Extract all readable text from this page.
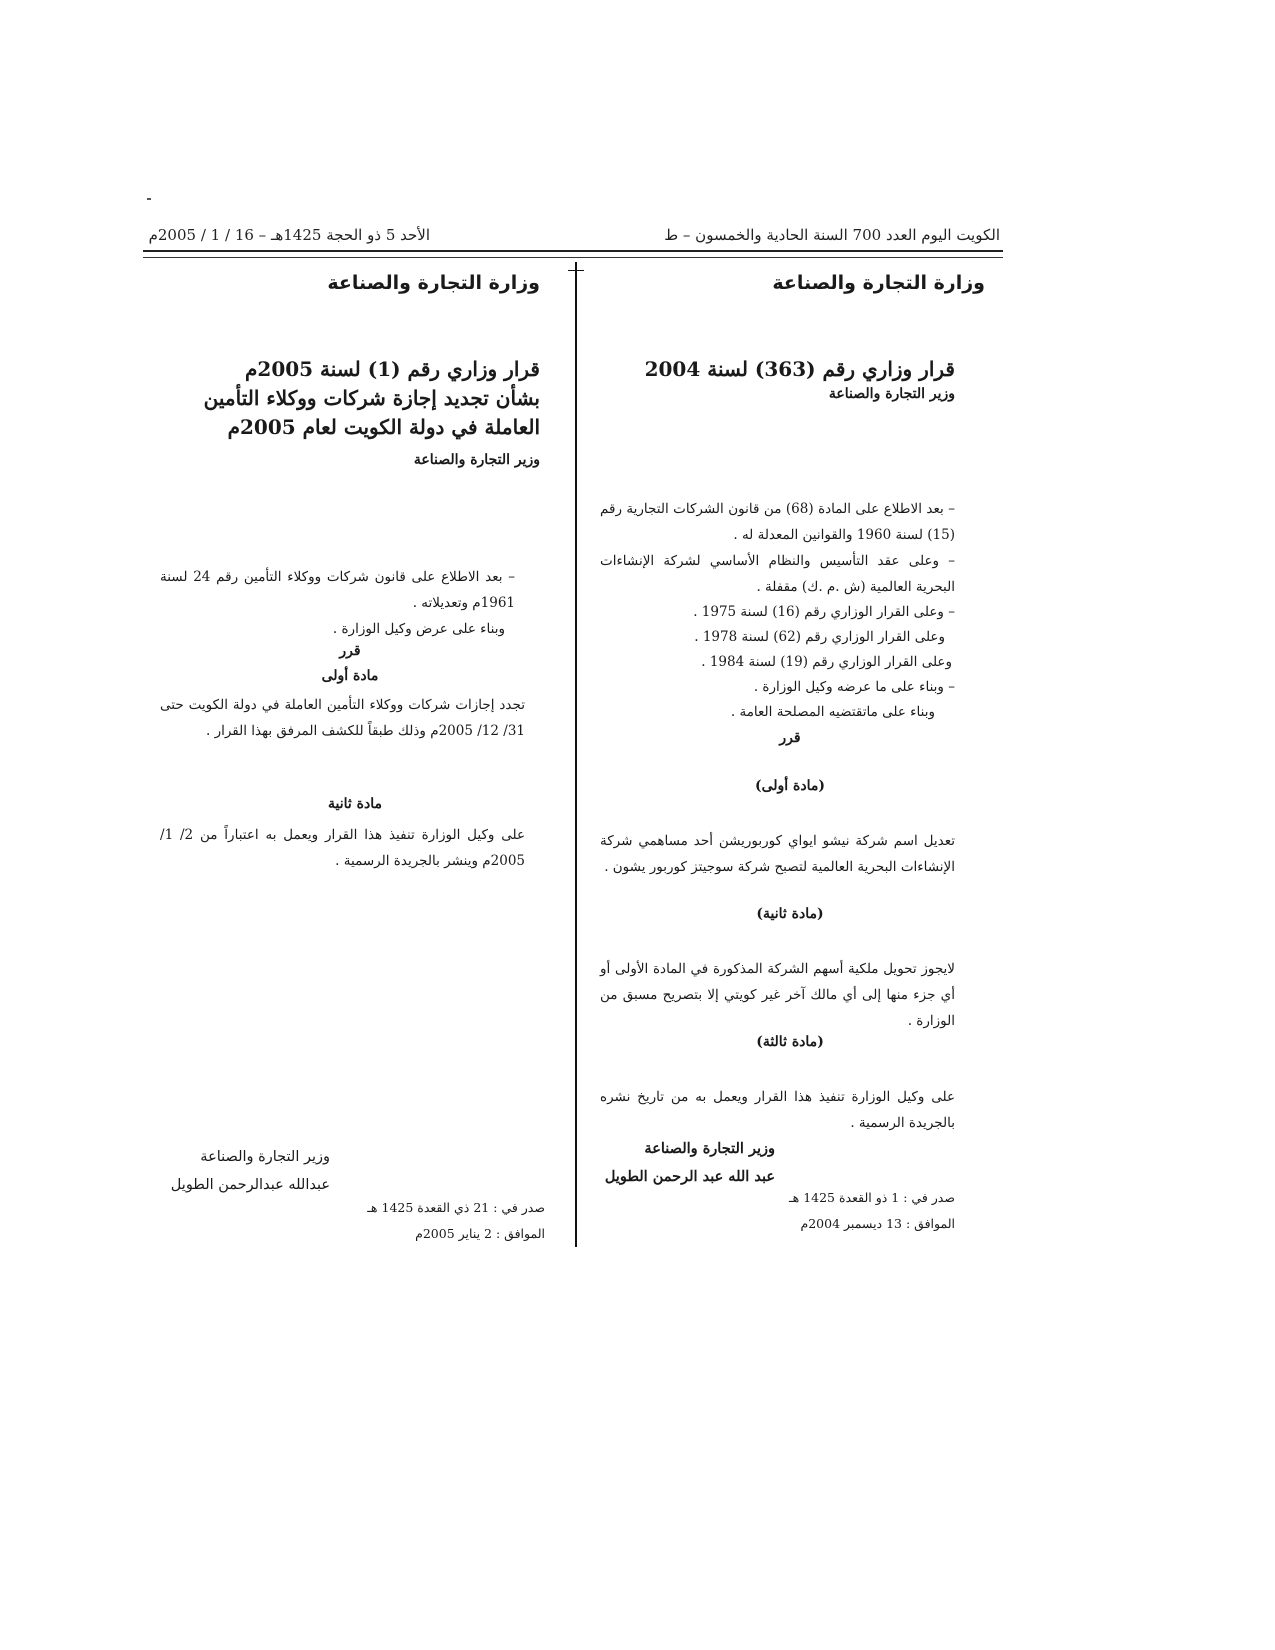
الكويت اليوم العدد 700 السنة الحادية والخمسون – ط
الأحد 5 ذو الحجة 1425هـ – 16 / 1 / 2005م
وزارة التجارة والصناعة
قرار وزاري رقم (363) لسنة 2004
وزير التجارة والصناعة

– بعد الاطلاع على المادة (68) من قانون الشركات التجارية رقم (15) لسنة 1960 والقوانين المعدلة له .

– وعلى عقد التأسيس والنظام الأساسي لشركة الإنشاءات البحرية العالمية (ش .م .ك) مقفلة .

– وعلى القرار الوزاري رقم (16) لسنة 1975 .
وعلى القرار الوزاري رقم (62) لسنة 1978 .
وعلى القرار الوزاري رقم (19) لسنة 1984 .
– وبناء على ما عرضه وكيل الوزارة .
وبناء على ماتقتضيه المصلحة العامة .
قرر
(مادة أولى)
تعديل اسم شركة نيشو ايواي كوربوريشن أحد مساهمي شركة الإنشاءات البحرية العالمية لتصبح شركة سوجيتز كوربور يشون .
(مادة ثانية)
لايجوز تحويل ملكية أسهم الشركة المذكورة في المادة الأولى أو أي جزء منها إلى أي مالك آخر غير كويتي إلا بتصريح مسبق من الوزارة .
(مادة ثالثة)
على وكيل الوزارة تنفيذ هذا القرار ويعمل به من تاريخ نشره بالجريدة الرسمية .
وزير التجارة والصناعة
عبد الله عبد الرحمن الطويل
صدر في : 1 ذو القعدة 1425 هـ
الموافق : 13 ديسمبر 2004م
وزارة التجارة والصناعة
قرار وزاري رقم (1) لسنة 2005م
بشأن تجديد إجازة شركات ووكلاء التأمين
العاملة في دولة الكويت لعام 2005م
وزير التجارة والصناعة
– بعد الاطلاع على قانون شركات ووكلاء التأمين رقم 24 لسنة 1961م وتعديلاته .
وبناء على عرض وكيل الوزارة .
قرر
مادة أولى
تجدد إجازات شركات ووكلاء التأمين العاملة في دولة الكويت حتى 31/ 12/ 2005م وذلك طبقاً للكشف المرفق بهذا القرار .
مادة ثانية
على وكيل الوزارة تنفيذ هذا القرار ويعمل به اعتباراً من 2/ 1/ 2005م وينشر بالجريدة الرسمية .
وزير التجارة والصناعة
عبدالله عبدالرحمن الطويل
صدر في : 21 ذي القعدة 1425 هـ
الموافق : 2 يناير 2005م
